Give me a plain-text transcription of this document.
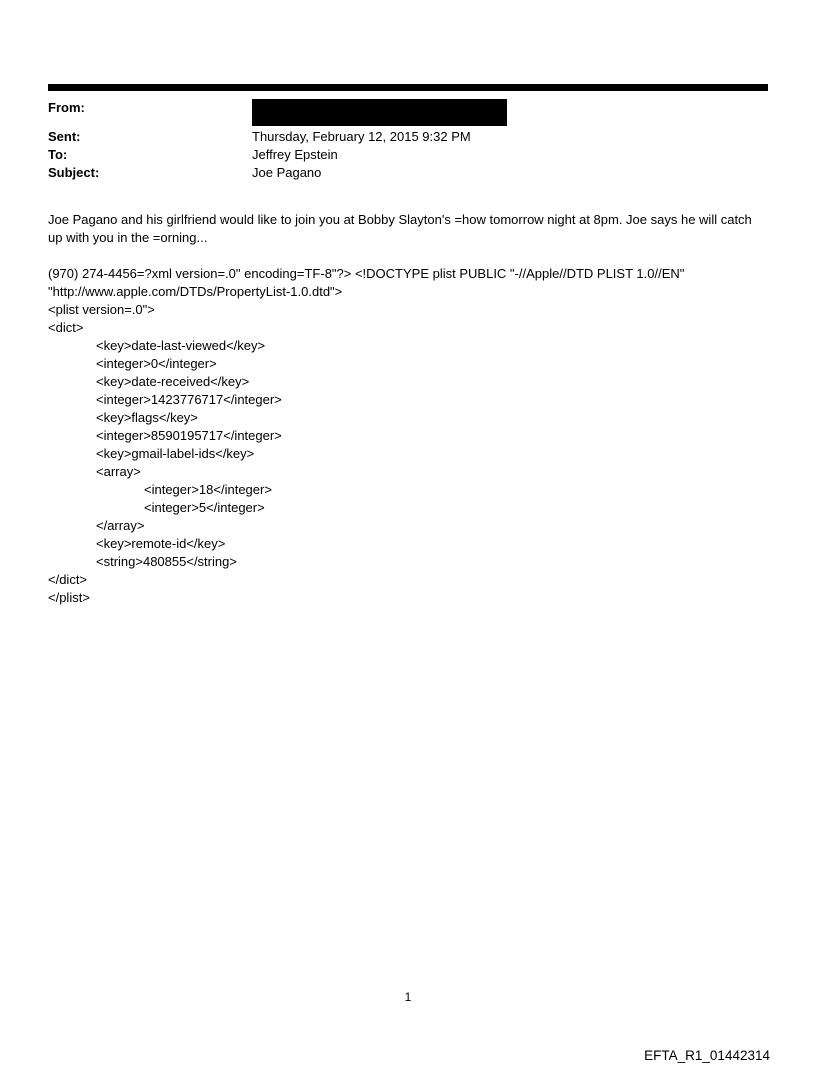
From:
Sent:	Thursday, February 12, 2015 9:32 PM
To:	Jeffrey Epstein
Subject:	Joe Pagano
Joe Pagano and his girlfriend would like to join you at Bobby Slayton's =how tomorrow night at 8pm. Joe says he will catch up with you in the =orning...
(970) 274-4456=?xml version=.0" encoding=TF-8"?> <!DOCTYPE plist PUBLIC "-//Apple//DTD PLIST 1.0//EN" "http://www.apple.com/DTDs/PropertyList-1.0.dtd">
<plist version=.0">
<dict>
<key>date-last-viewed</key>
<integer>0</integer>
<key>date-received</key>
<integer>1423776717</integer>
<key>flags</key>
<integer>8590195717</integer>
<key>gmail-label-ids</key>
<array>
<integer>18</integer>
<integer>5</integer>
</array>
<key>remote-id</key>
<string>480855</string>
</dict>
</plist>
1
EFTA_R1_01442314
